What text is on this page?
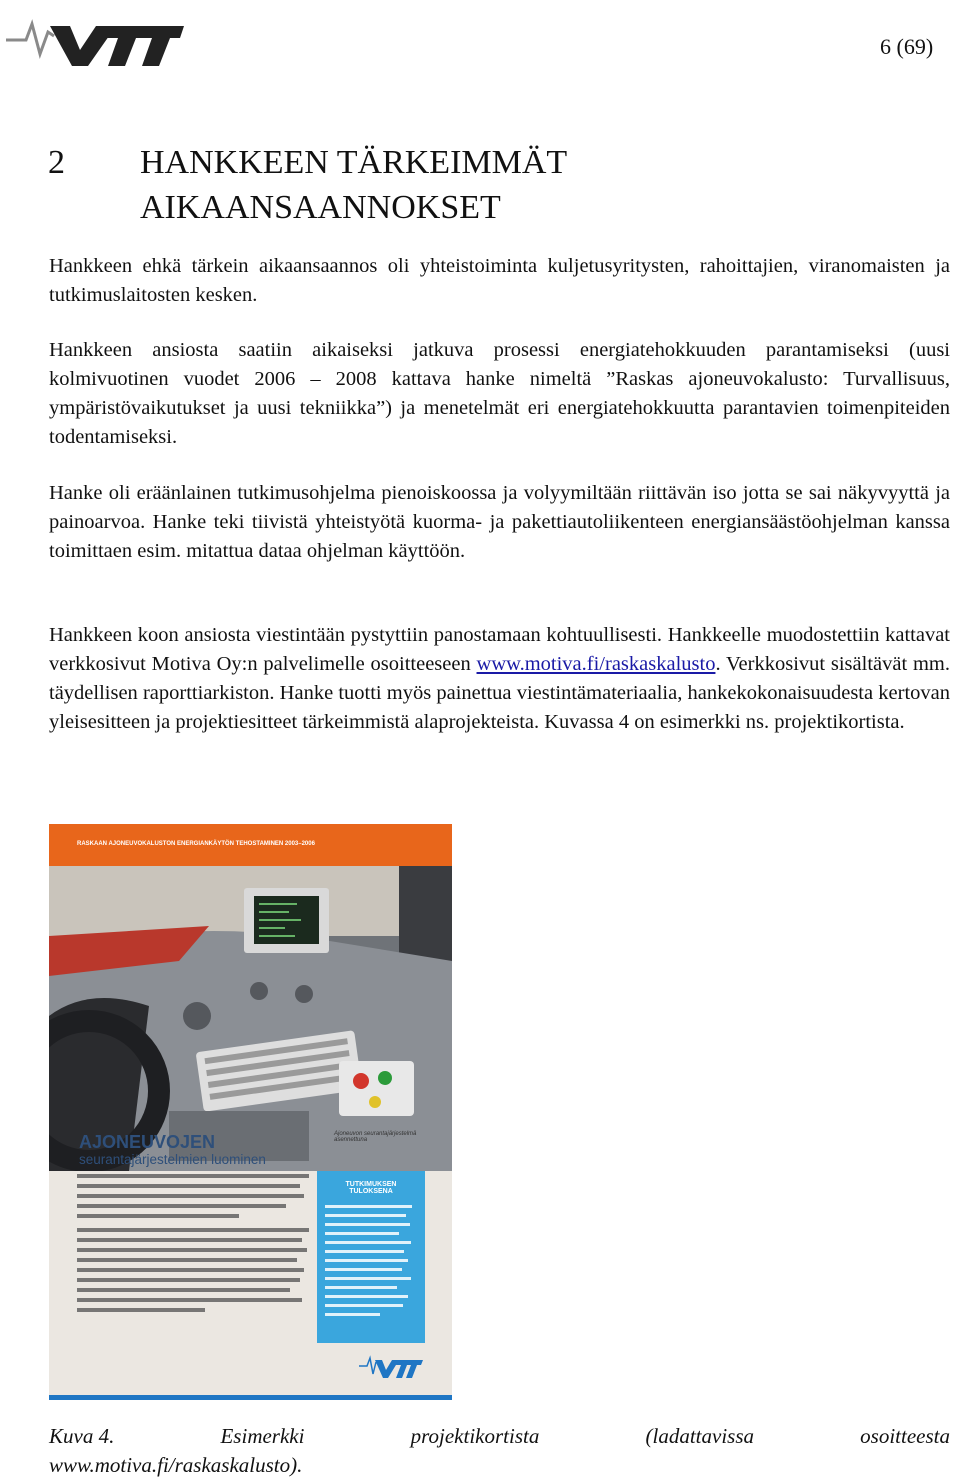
6 (69)
2	HANKKEEN TÄRKEIMMÄT
AIKAANSAANNOKSET

Hankkeen ehkä tärkein aikaansaannos oli yhteistoiminta kuljetusyritysten, rahoittajien, viranomaisten ja tutkimuslaitosten kesken.

Hankkeen ansiosta saatiin aikaiseksi jatkuva prosessi energiatehokkuuden parantamiseksi (uusi kolmivuotinen vuodet 2006 – 2008 kattava hanke nimeltä ”Raskas ajoneuvokalusto: Turvallisuus, ympäristövaikutukset ja uusi tekniikka”) ja menetelmät eri energiatehokkuutta parantavien toimenpiteiden todentamiseksi.

Hanke oli eräänlainen tutkimusohjelma pienoiskoossa ja volyymiltään riittävän iso jotta se sai näkyvyyttä ja painoarvoa. Hanke teki tiivistä yhteistyötä kuorma- ja pakettiautoliikenteen energiansäästöohjelman kanssa toimittaen esim. mitattua dataa ohjelman käyttöön.

Hankkeen koon ansiosta viestintään pystyttiin panostamaan kohtuullisesti. Hankkeelle muodostettiin kattavat verkkosivut Motiva Oy:n palvelimelle osoitteeseen www.motiva.fi/raskaskalusto. Verkkosivut sisältävät mm. täydellisen raporttiarkiston. Hanke tuotti myös painettua viestintämateriaalia, hankekokonaisuudesta kertovan yleisesitteen ja projektiesitteet tärkeimmistä alaprojekteista. Kuvassa 4 on esimerkki ns. projektikortista.

RASKAAN AJONEUVOKALUSTON ENERGIANKÄYTÖN TEHOSTAMINEN 2003–2006
AJONEUVOJEN
seurantajärjestelmien luominen
Ajoneuvon seurantajärjestelmä asennettuna
TUTKIMUKSEN
TULOKSENA
Kuva 4.	Esimerkki	projektikortista	(ladattavissa	osoitteesta
www.motiva.fi/raskaskalusto).
